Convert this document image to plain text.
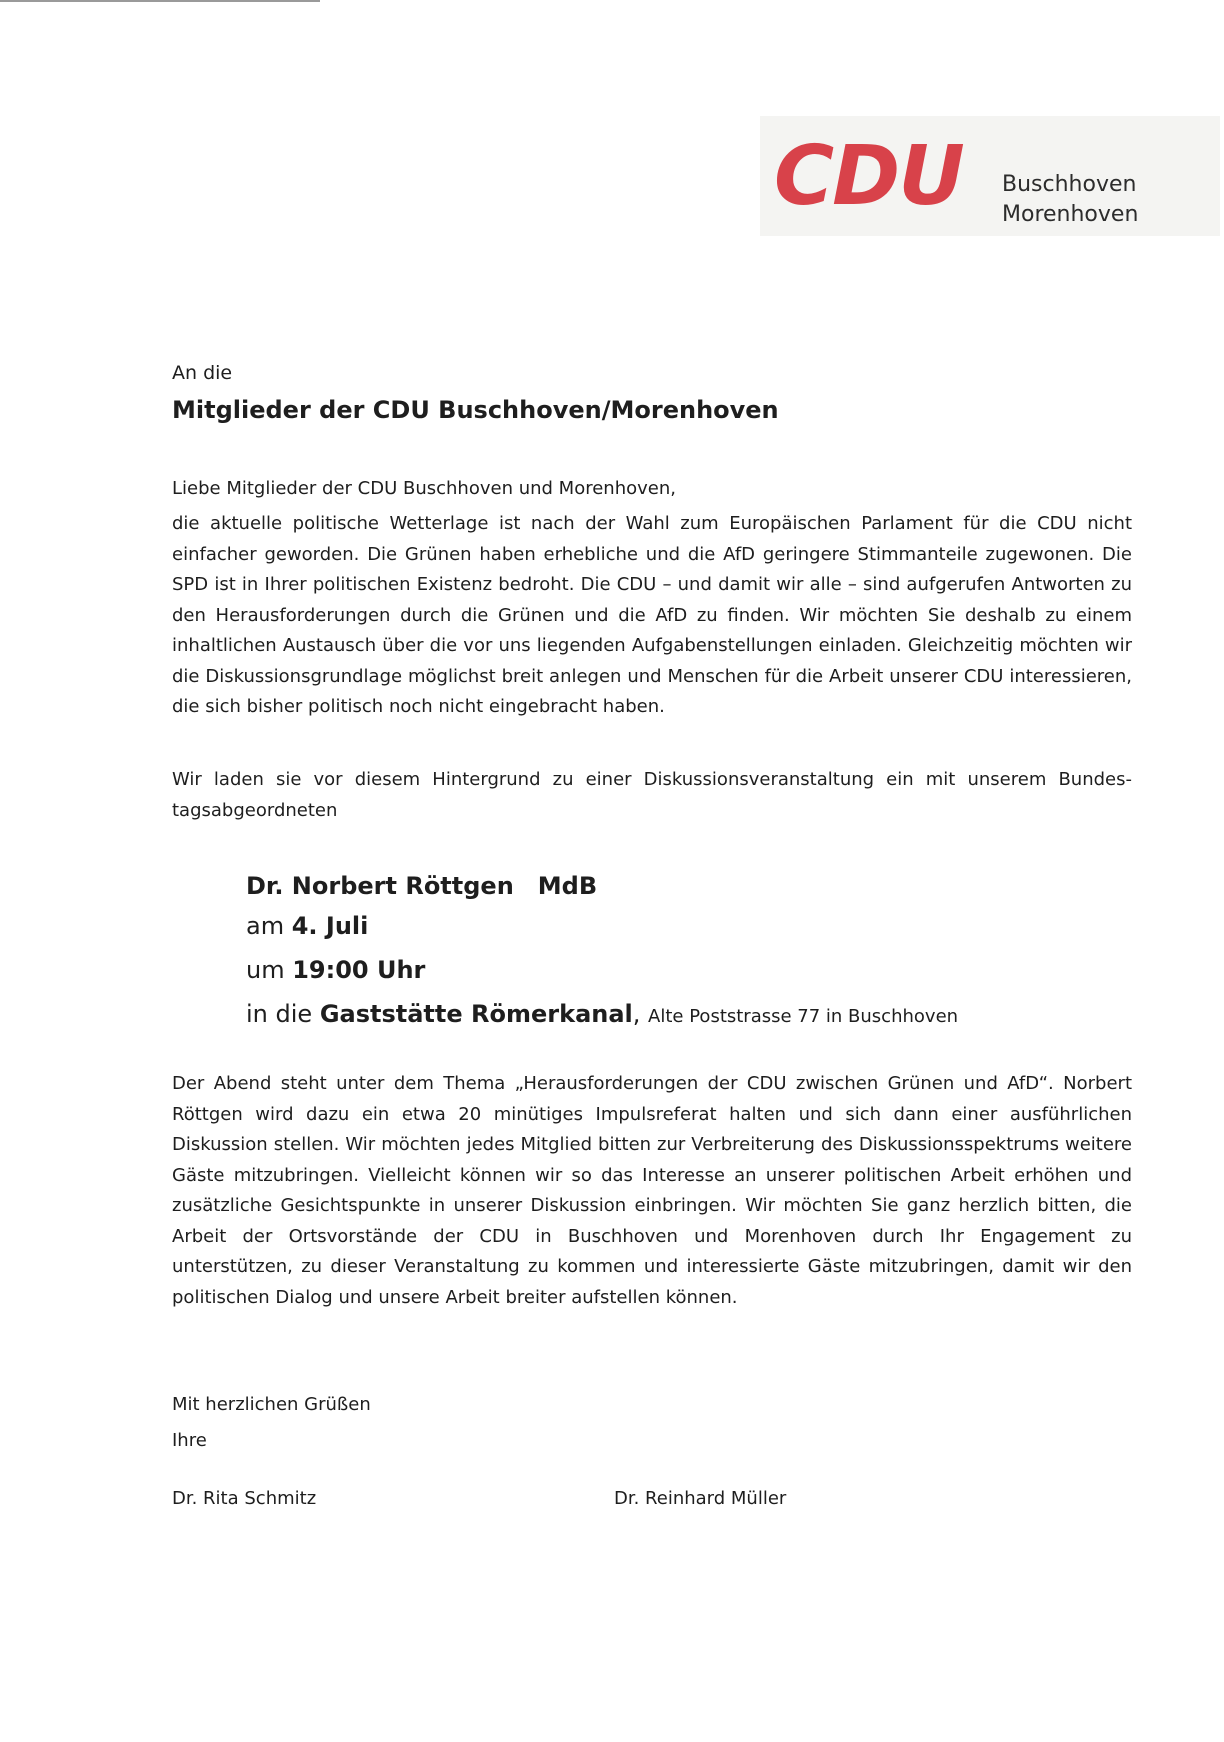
CDU Buschhoven
Morenhoven
An die
Mitglieder der CDU Buschhoven/Morenhoven
Liebe Mitglieder der CDU Buschhoven und Morenhoven,

die aktuelle politische Wetterlage ist nach der Wahl zum Europäischen Parlament für die CDU nicht einfacher geworden. Die Grünen haben erhebliche und die AfD geringere Stimmanteile zugewonen. Die SPD ist in Ihrer politischen Existenz bedroht. Die CDU – und damit wir alle – sind aufgerufen Antworten zu den Herausforderungen durch die Grünen und die AfD zu finden. Wir möchten Sie deshalb zu einem inhaltlichen Austausch über die vor uns liegenden Aufgabenstellungen einladen. Gleichzeitig möchten wir die Diskussionsgrundlage möglichst breit anlegen und Menschen für die Arbeit unserer CDU interessieren, die sich bisher politisch noch nicht eingebracht haben.

Wir laden sie vor diesem Hintergrund zu einer Diskussionsveranstaltung ein mit unserem Bundes-tagsabgeordneten

Dr. Norbert Röttgen MdB
am 4. Juli
um 19:00 Uhr
in die Gaststätte Römerkanal, Alte Poststrasse 77 in Buschhoven

Der Abend steht unter dem Thema „Herausforderungen der CDU zwischen Grünen und AfD“. Norbert Röttgen wird dazu ein etwa 20 minütiges Impulsreferat halten und sich dann einer ausführlichen Diskussion stellen. Wir möchten jedes Mitglied bitten zur Verbreiterung des Diskussionsspektrums weitere Gäste mitzubringen. Vielleicht können wir so das Interesse an unserer politischen Arbeit erhöhen und zusätzliche Gesichtspunkte in unserer Diskussion einbringen. Wir möchten Sie ganz herzlich bitten, die Arbeit der Ortsvorstände der CDU in Buschhoven und Morenhoven durch Ihr Engagement zu unterstützen, zu dieser Veranstaltung zu kommen und interessierte Gäste mitzubringen, damit wir den politischen Dialog und unsere Arbeit breiter aufstellen können.

Mit herzlichen Grüßen
Ihre
Dr. Rita Schmitz	Dr. Reinhard Müller
